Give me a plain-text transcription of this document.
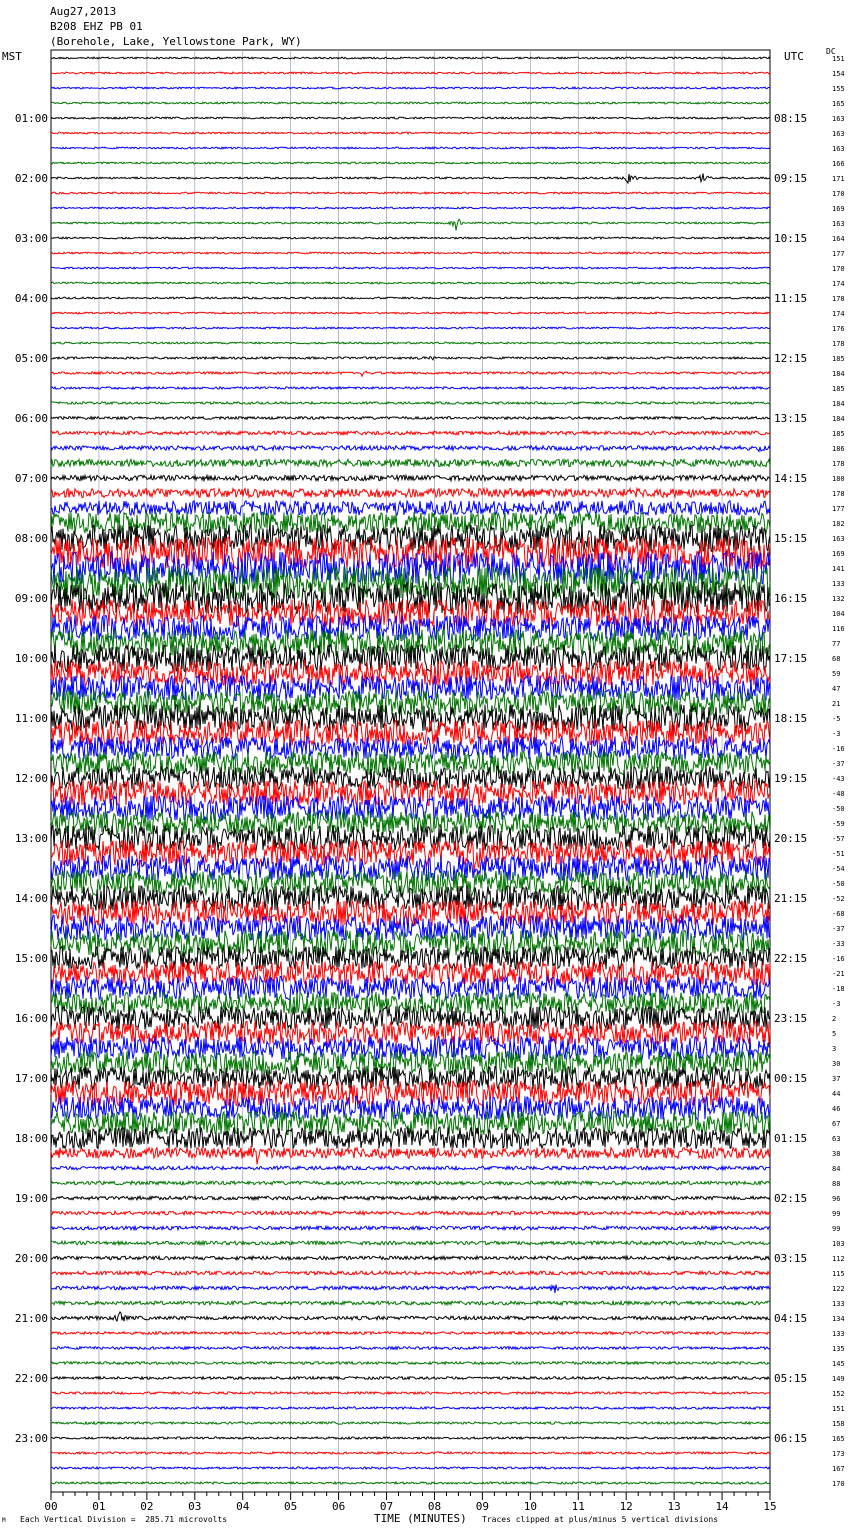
Aug27,2013
B208 EHZ PB 01
(Borehole, Lake, Yellowstone Park, WY)
MST	UTC	DC
151
154
155
165
163
163
163
166
171
170
169
163
164
177
170
174
178
174
176
178
185
184
185
184
184
185
186
178
180
178
177
182
163
169
141
133
132
104
116
77
68
59
47
21
-5
-3
-16
-37
-43
-48
-50
-59
-57
-51
-54
-50
-52
-68
-37
-33
-16
-21
-18
-3
2
5
3
30
37
44
46
67
63
38
84
88
96
99
99
103
112
115
122
133
134
133
135
145
149
152
151
158
165
173
167
170
01:00
02:00
03:00
04:00
05:00
06:00
07:00
08:00
09:00
10:00
11:00
12:00
13:00
14:00
15:00
16:00
17:00
18:00
19:00
20:00
21:00
22:00
23:00
08:15
09:15
10:15
11:15
12:15
13:15
14:15
15:15
16:15
17:15
18:15
19:15
20:15
21:15
22:15
23:15
00:15
01:15
02:15
03:15
04:15
05:15
06:15
00	01	02	03	04	05	06	07	08	09	10	11	12	13	14	15
M Each Vertical Division =  285.71 microvolts	TIME (MINUTES) Traces clipped at plus/minus 5 vertical divisions
